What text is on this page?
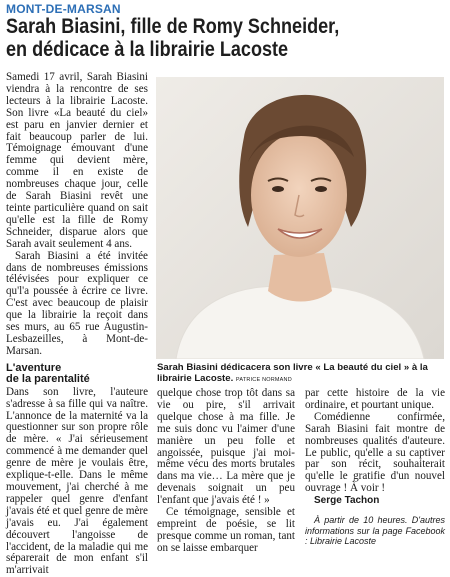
MONT-DE-MARSAN
Sarah Biasini, fille de Romy Schneider,
en dédicace à la librairie Lacoste

Samedi 17 avril, Sarah Biasini viendra à la rencontre de ses lecteurs à la librairie Lacoste. Son livre «La beauté du ciel» est paru en janvier dernier et fait beaucoup parler de lui. Témoignage émouvant d'une femme qui devient mère, comme il en existe de nombreuses chaque jour, celle de Sarah Biasini revêt une teinte particulière quand on sait qu'elle est la fille de Romy Schneider, disparue alors que Sarah avait seulement 4 ans.

Sarah Biasini a été invitée dans de nombreuses émissions télévisées pour expliquer ce qu'l'a poussée à écrire ce livre. C'est avec beaucoup de plaisir que la librairie la reçoit dans ses murs, au 65 rue Augustin-Lesbazeilles, à Mont-de-Marsan.

L'aventure
de la parentalité

Dans son livre, l'auteure s'adresse à sa fille qui va naître. L'annonce de la maternité va la questionner sur son propre rôle de mère. « J'ai sérieusement commencé à me demander quel genre de mère je voulais être, explique-t-elle. Dans le même mouvement, j'ai cherché à me rappeler quel genre d'enfant j'avais été et quel genre de mère j'avais eu. J'ai également découvert l'angoisse de l'accident, de la maladie qui me séparerait de mon enfant s'il m'arrivait

Sarah Biasini dédicacera son livre « La beauté du ciel » à la librairie Lacoste. PATRICE NORMAND

quelque chose trop tôt dans sa vie ou pire, s'il arrivait quelque chose à ma fille. Je me suis donc vu l'aimer d'une manière un peu folle et angoissée, puisque j'ai moi-même vécu des morts brutales dans ma vie… La mère que je devenais soignait un peu l'enfant que j'avais été ! »

Ce témoignage, sensible et empreint de poésie, se lit presque comme un roman, tant on se laisse embarquer

par cette histoire de la vie ordinaire, et pourtant unique.

Comédienne confirmée, Sarah Biasini fait montre de nombreuses qualités d'auteure. Le public, qu'elle a su captiver par son récit, souhaiterait qu'elle le gratifie d'un nouvel ouvrage ! À voir !

Serge Tachon

À partir de 10 heures. D'autres informations sur la page Facebook : Librairie Lacoste
